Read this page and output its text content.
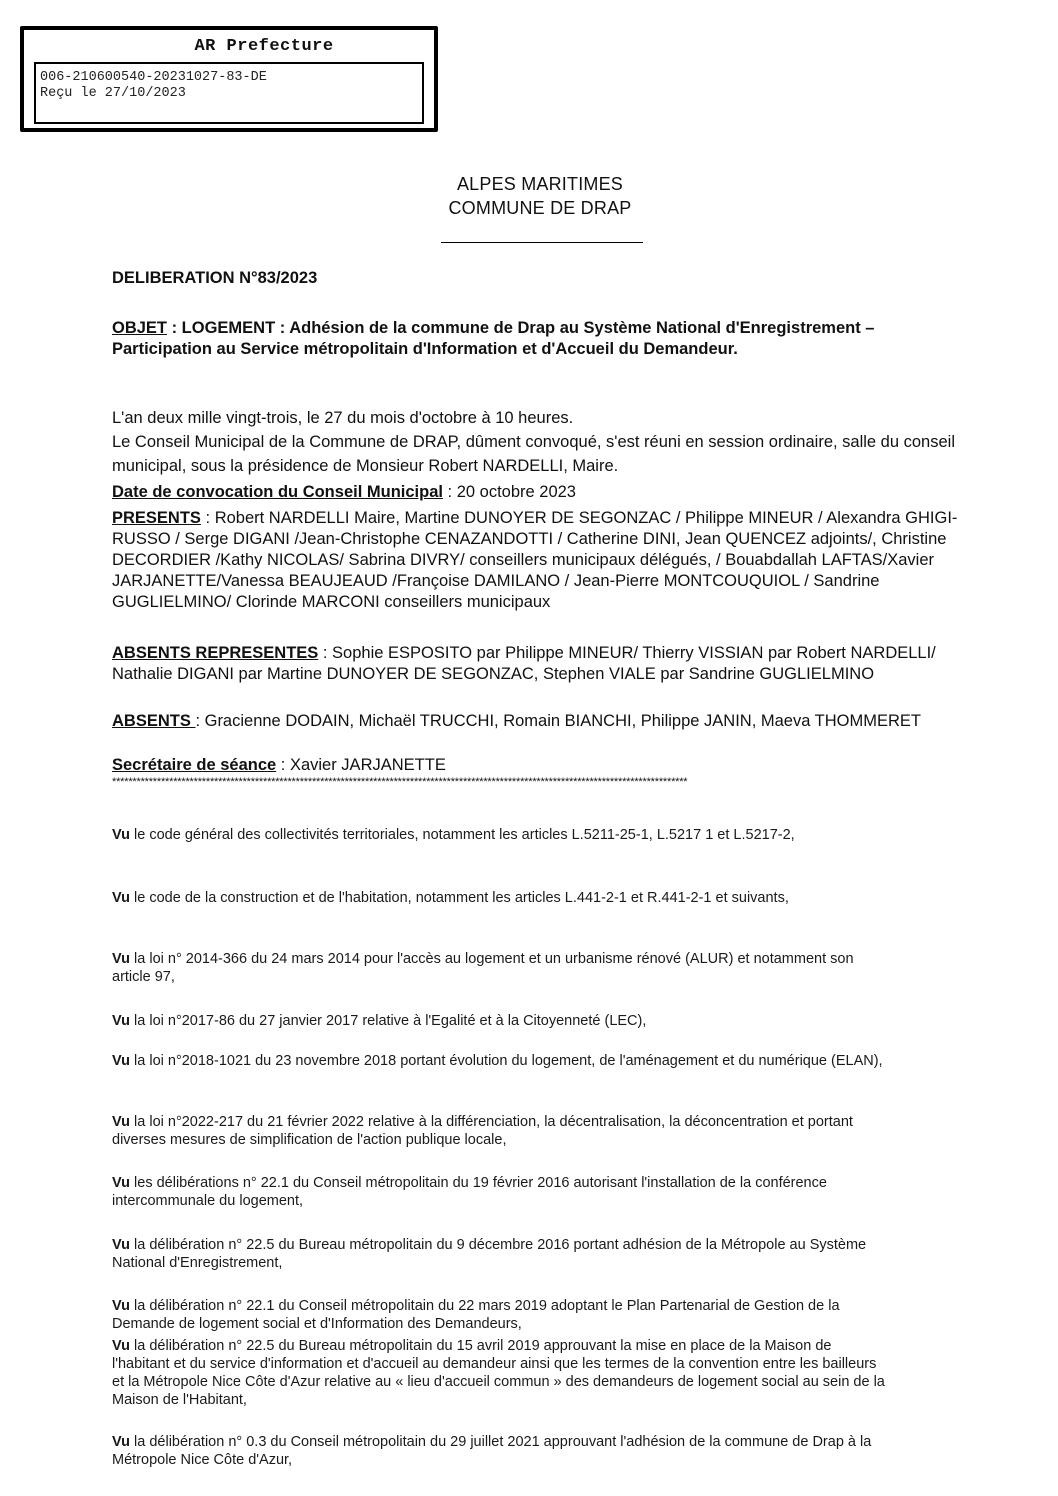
AR Prefecture
006-210600540-20231027-83-DE
Reçu le 27/10/2023
ALPES MARITIMES
COMMUNE DE DRAP
DELIBERATION N°83/2023
OBJET : LOGEMENT : Adhésion de la commune de Drap au Système National d'Enregistrement – Participation au Service métropolitain d'Information et d'Accueil du Demandeur.
L'an deux mille vingt-trois, le 27 du mois d'octobre à 10 heures.
Le Conseil Municipal de la Commune de DRAP, dûment convoqué, s'est réuni en session ordinaire, salle du conseil municipal, sous la présidence de Monsieur Robert NARDELLI, Maire.
Date de convocation du Conseil Municipal : 20 octobre 2023
PRESENTS : Robert NARDELLI Maire, Martine DUNOYER DE SEGONZAC / Philippe MINEUR / Alexandra GHIGI-RUSSO / Serge DIGANI /Jean-Christophe CENAZANDOTTI / Catherine DINI, Jean QUENCEZ adjoints/, Christine DECORDIER /Kathy NICOLAS/ Sabrina DIVRY/ conseillers municipaux délégués, / Bouabdallah LAFTAS/Xavier JARJANETTE/Vanessa BEAUJEAUD /Françoise DAMILANO / Jean-Pierre MONTCOUQUIOL / Sandrine GUGLIELMINO/ Clorinde MARCONI conseillers municipaux
ABSENTS REPRESENTES : Sophie ESPOSITO par Philippe MINEUR/ Thierry VISSIAN par Robert NARDELLI/ Nathalie DIGANI par Martine DUNOYER DE SEGONZAC, Stephen VIALE par Sandrine GUGLIELMINO
ABSENTS : Gracienne DODAIN, Michaël TRUCCHI, Romain BIANCHI, Philippe JANIN, Maeva THOMMERET
Secrétaire de séance : Xavier JARJANETTE
*********************************************************************************************************************************************
Vu le code général des collectivités territoriales, notamment les articles L.5211-25-1, L.5217 1 et L.5217-2,
Vu le code de la construction et de l'habitation, notamment les articles L.441-2-1 et R.441-2-1 et suivants,
Vu la loi n° 2014-366 du 24 mars 2014 pour l'accès au logement et un urbanisme rénové (ALUR) et notamment son article 97,
Vu la loi n°2017-86 du 27 janvier 2017 relative à l'Egalité et à la Citoyenneté (LEC),
Vu la loi n°2018-1021 du 23 novembre 2018 portant évolution du logement, de l'aménagement et du numérique (ELAN),
Vu la loi n°2022-217 du 21 février 2022 relative à la différenciation, la décentralisation, la déconcentration et portant diverses mesures de simplification de l'action publique locale,
Vu les délibérations n° 22.1 du Conseil métropolitain du 19 février 2016 autorisant l'installation de la conférence intercommunale du logement,
Vu la délibération n° 22.5 du Bureau métropolitain du 9 décembre 2016 portant adhésion de la Métropole au Système National d'Enregistrement,
Vu la délibération n° 22.1 du Conseil métropolitain du 22 mars 2019 adoptant le Plan Partenarial de Gestion de la Demande de logement social et d'Information des Demandeurs,
Vu la délibération n° 22.5 du Bureau métropolitain du 15 avril 2019 approuvant la mise en place de la Maison de l'habitant et du service d'information et d'accueil au demandeur ainsi que les termes de la convention entre les bailleurs et la Métropole Nice Côte d'Azur relative au « lieu d'accueil commun » des demandeurs de logement social au sein de la Maison de l'Habitant,
Vu la délibération n° 0.3 du Conseil métropolitain du 29 juillet 2021 approuvant l'adhésion de la commune de Drap à la Métropole Nice Côte d'Azur,
